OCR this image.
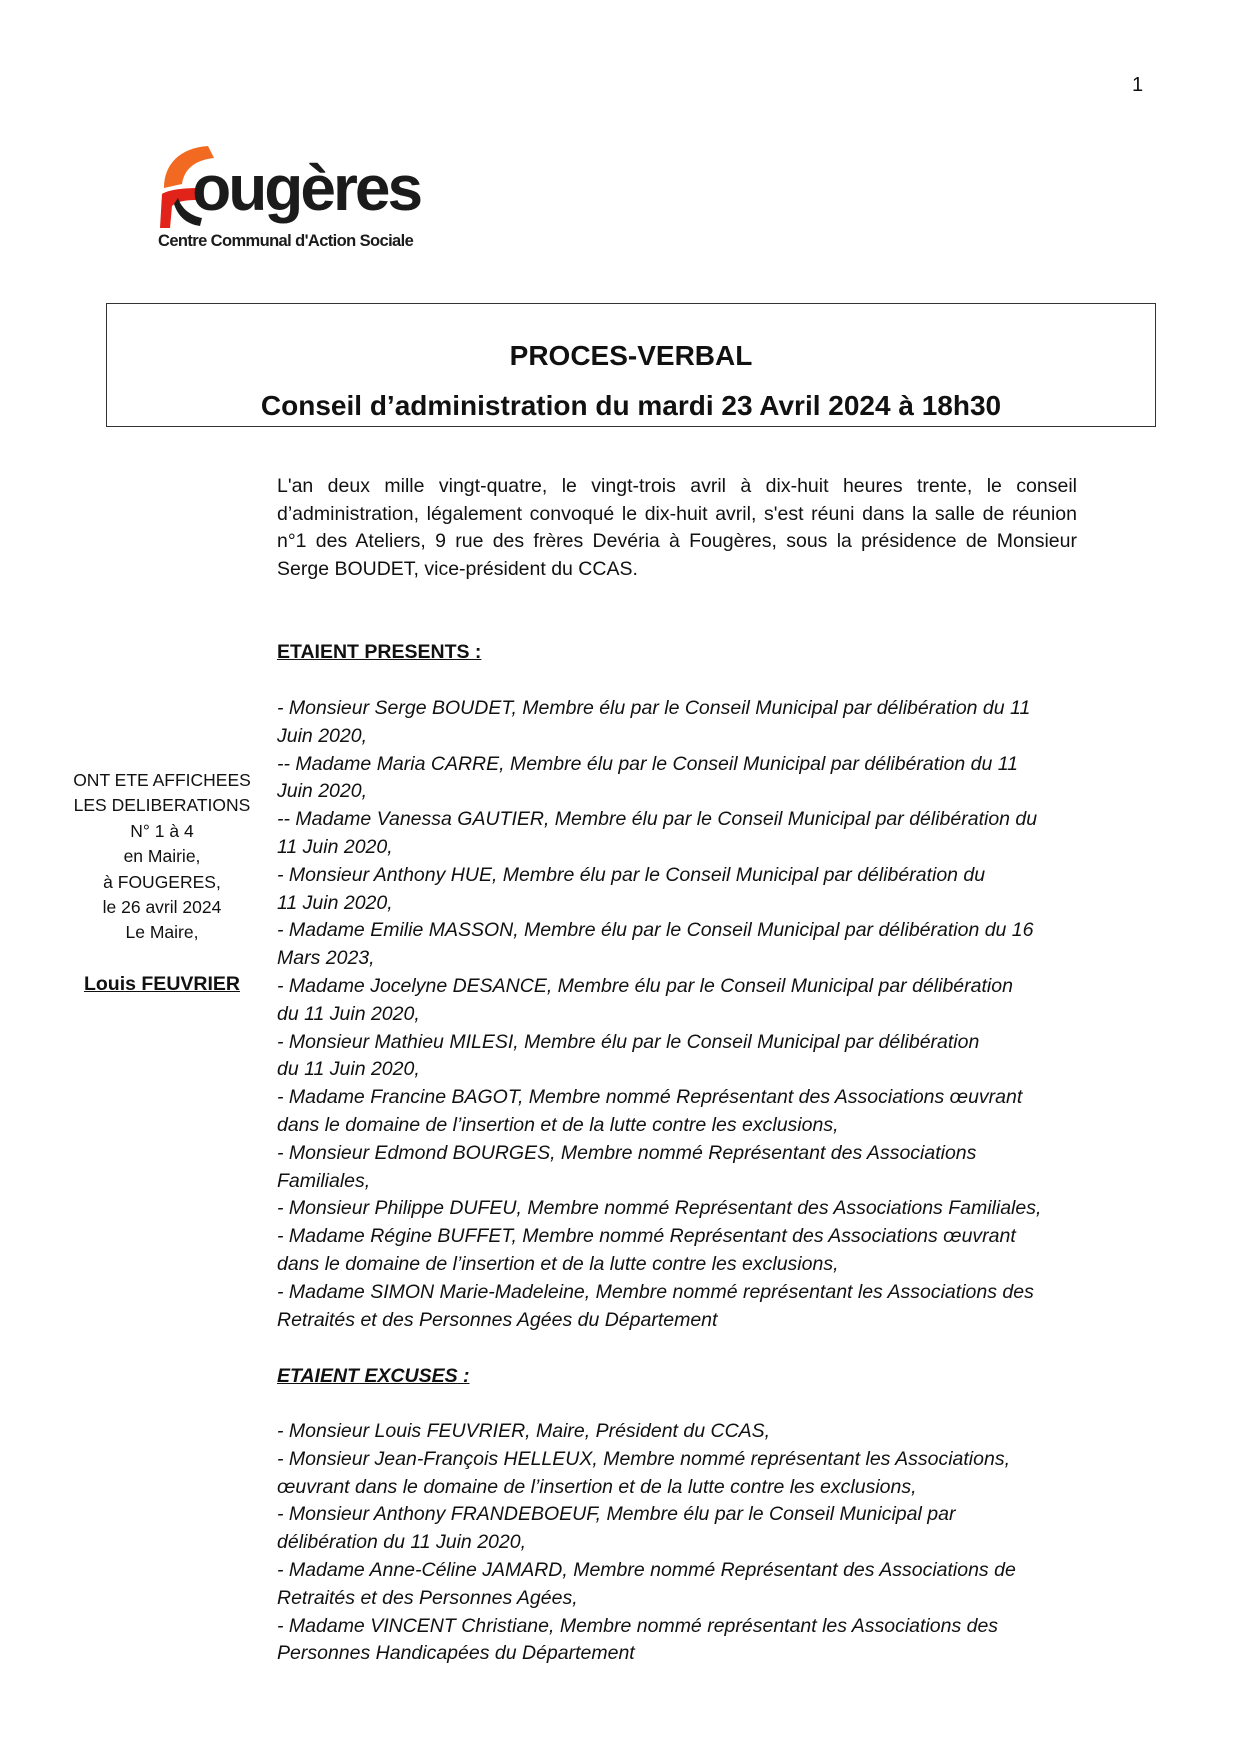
1
ougères
Centre Communal d'Action Sociale
PROCES-VERBAL
Conseil d’administration du mardi 23 Avril 2024 à 18h30
ONT ETE AFFICHEES
LES DELIBERATIONS
N° 1 à 4
en Mairie,
à FOUGERES,
le 26 avril 2024
Le Maire,
Louis FEUVRIER

L'an deux mille vingt-quatre, le vingt-trois avril à dix-huit heures trente, le conseil d’administration, légalement convoqué le dix-huit avril, s'est réuni dans la salle de réunion n°1 des Ateliers, 9 rue des frères Devéria à Fougères, sous la présidence de Monsieur Serge BOUDET, vice-président du CCAS.

ETAIENT PRESENTS :

- Monsieur Serge BOUDET, Membre élu par le Conseil Municipal par délibération du 11
Juin 2020,
-- Madame Maria CARRE, Membre élu par le Conseil Municipal par délibération du 11
Juin 2020,
-- Madame Vanessa GAUTIER, Membre élu par le Conseil Municipal par délibération du
11 Juin 2020,
- Monsieur Anthony HUE, Membre élu par le Conseil Municipal par délibération du
11 Juin 2020,
- Madame Emilie MASSON, Membre élu par le Conseil Municipal par délibération du 16
Mars 2023,
- Madame Jocelyne DESANCE, Membre élu par le Conseil Municipal par délibération
du 11 Juin 2020,
- Monsieur Mathieu MILESI, Membre élu par le Conseil Municipal par délibération
du 11 Juin 2020,
- Madame Francine BAGOT, Membre nommé Représentant des Associations œuvrant
dans le domaine de l’insertion et de la lutte contre les exclusions,
- Monsieur Edmond BOURGES, Membre nommé Représentant des Associations
Familiales,
- Monsieur Philippe DUFEU, Membre nommé Représentant des Associations Familiales,
- Madame Régine BUFFET, Membre nommé Représentant des Associations œuvrant
dans le domaine de l’insertion et de la lutte contre les exclusions,
- Madame SIMON Marie-Madeleine, Membre nommé représentant les Associations des
Retraités et des Personnes Agées du Département

ETAIENT EXCUSES :

- Monsieur Louis FEUVRIER, Maire, Président du CCAS,
- Monsieur Jean-François HELLEUX, Membre nommé représentant les Associations,
œuvrant dans le domaine de l’insertion et de la lutte contre les exclusions,
- Monsieur Anthony FRANDEBOEUF, Membre élu par le Conseil Municipal par
délibération du 11 Juin 2020,
- Madame Anne-Céline JAMARD, Membre nommé Représentant des Associations de
Retraités et des Personnes Agées,
- Madame VINCENT Christiane, Membre nommé représentant les Associations des
Personnes Handicapées du Département
